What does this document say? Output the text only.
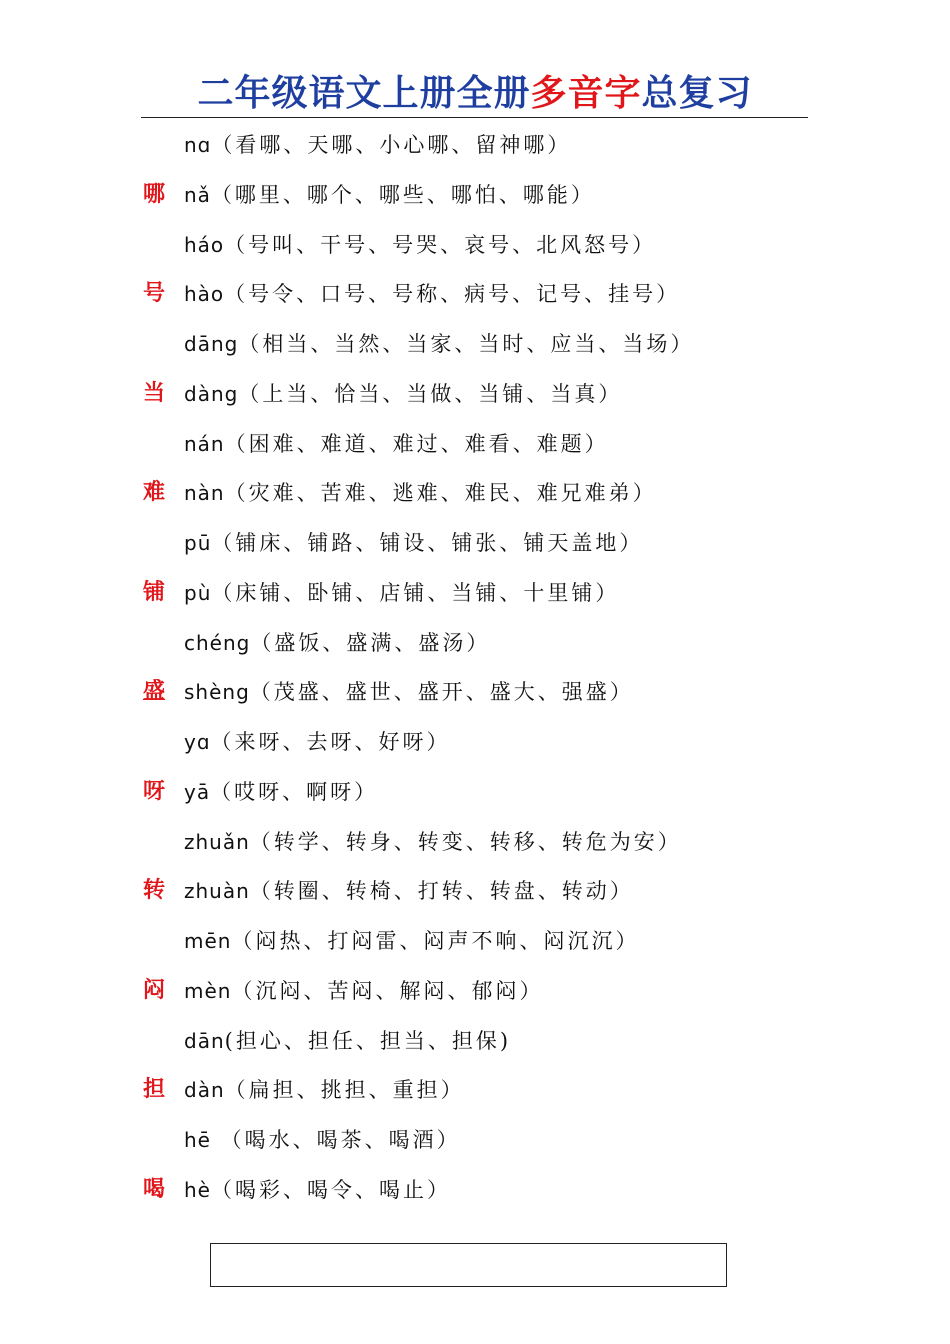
二年级语文上册全册多音字总复习
nɑ（看哪、天哪、小心哪、留神哪）
哪 nǎ（哪里、哪个、哪些、哪怕、哪能）
háo（号叫、干号、号哭、哀号、北风怒号）
号 hào（号令、口号、号称、病号、记号、挂号）
dāng（相当、当然、当家、当时、应当、当场）
当 dàng（上当、恰当、当做、当铺、当真）
nán（困难、难道、难过、难看、难题）
难 nàn（灾难、苦难、逃难、难民、难兄难弟）
pū（铺床、铺路、铺设、铺张、铺天盖地）
铺 pù（床铺、卧铺、店铺、当铺、十里铺）
chéng（盛饭、盛满、盛汤）
盛 shèng（茂盛、盛世、盛开、盛大、强盛）
yɑ（来呀、去呀、好呀）
呀 yā（哎呀、啊呀）
zhuǎn（转学、转身、转变、转移、转危为安）
转 zhuàn（转圈、转椅、打转、转盘、转动）
mēn（闷热、打闷雷、闷声不响、闷沉沉）
闷 mèn（沉闷、苦闷、解闷、郁闷）
dān(担心、担任、担当、担保)
担 dàn（扁担、挑担、重担）
hē （喝水、喝茶、喝酒）
喝 hè（喝彩、喝令、喝止）
